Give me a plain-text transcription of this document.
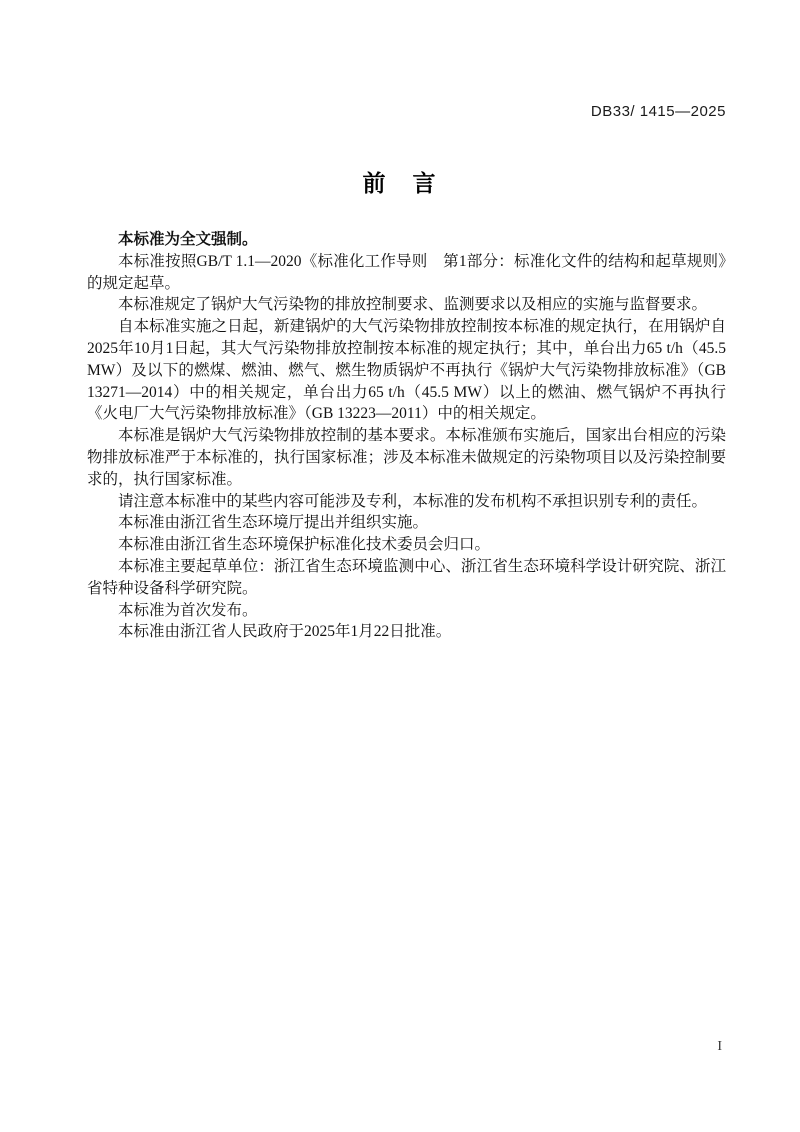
DB33/ 1415—2025
前　言

本标准为全文强制。

本标准按照GB/T 1.1—2020《标准化工作导则　第1部分：标准化文件的结构和起草规则》的规定起草。

本标准规定了锅炉大气污染物的排放控制要求、监测要求以及相应的实施与监督要求。

自本标准实施之日起，新建锅炉的大气污染物排放控制按本标准的规定执行，在用锅炉自2025年10月1日起，其大气污染物排放控制按本标准的规定执行；其中，单台出力65 t/h（45.5 MW）及以下的燃煤、燃油、燃气、燃生物质锅炉不再执行《锅炉大气污染物排放标准》（GB 13271—2014）中的相关规定，单台出力65 t/h（45.5 MW）以上的燃油、燃气锅炉不再执行《火电厂大气污染物排放标准》（GB 13223—2011）中的相关规定。

本标准是锅炉大气污染物排放控制的基本要求。本标准颁布实施后，国家出台相应的污染物排放标准严于本标准的，执行国家标准；涉及本标准未做规定的污染物项目以及污染控制要求的，执行国家标准。

请注意本标准中的某些内容可能涉及专利，本标准的发布机构不承担识别专利的责任。

本标准由浙江省生态环境厅提出并组织实施。

本标准由浙江省生态环境保护标准化技术委员会归口。

本标准主要起草单位：浙江省生态环境监测中心、浙江省生态环境科学设计研究院、浙江省特种设备科学研究院。

本标准为首次发布。

本标准由浙江省人民政府于2025年1月22日批准。

I
